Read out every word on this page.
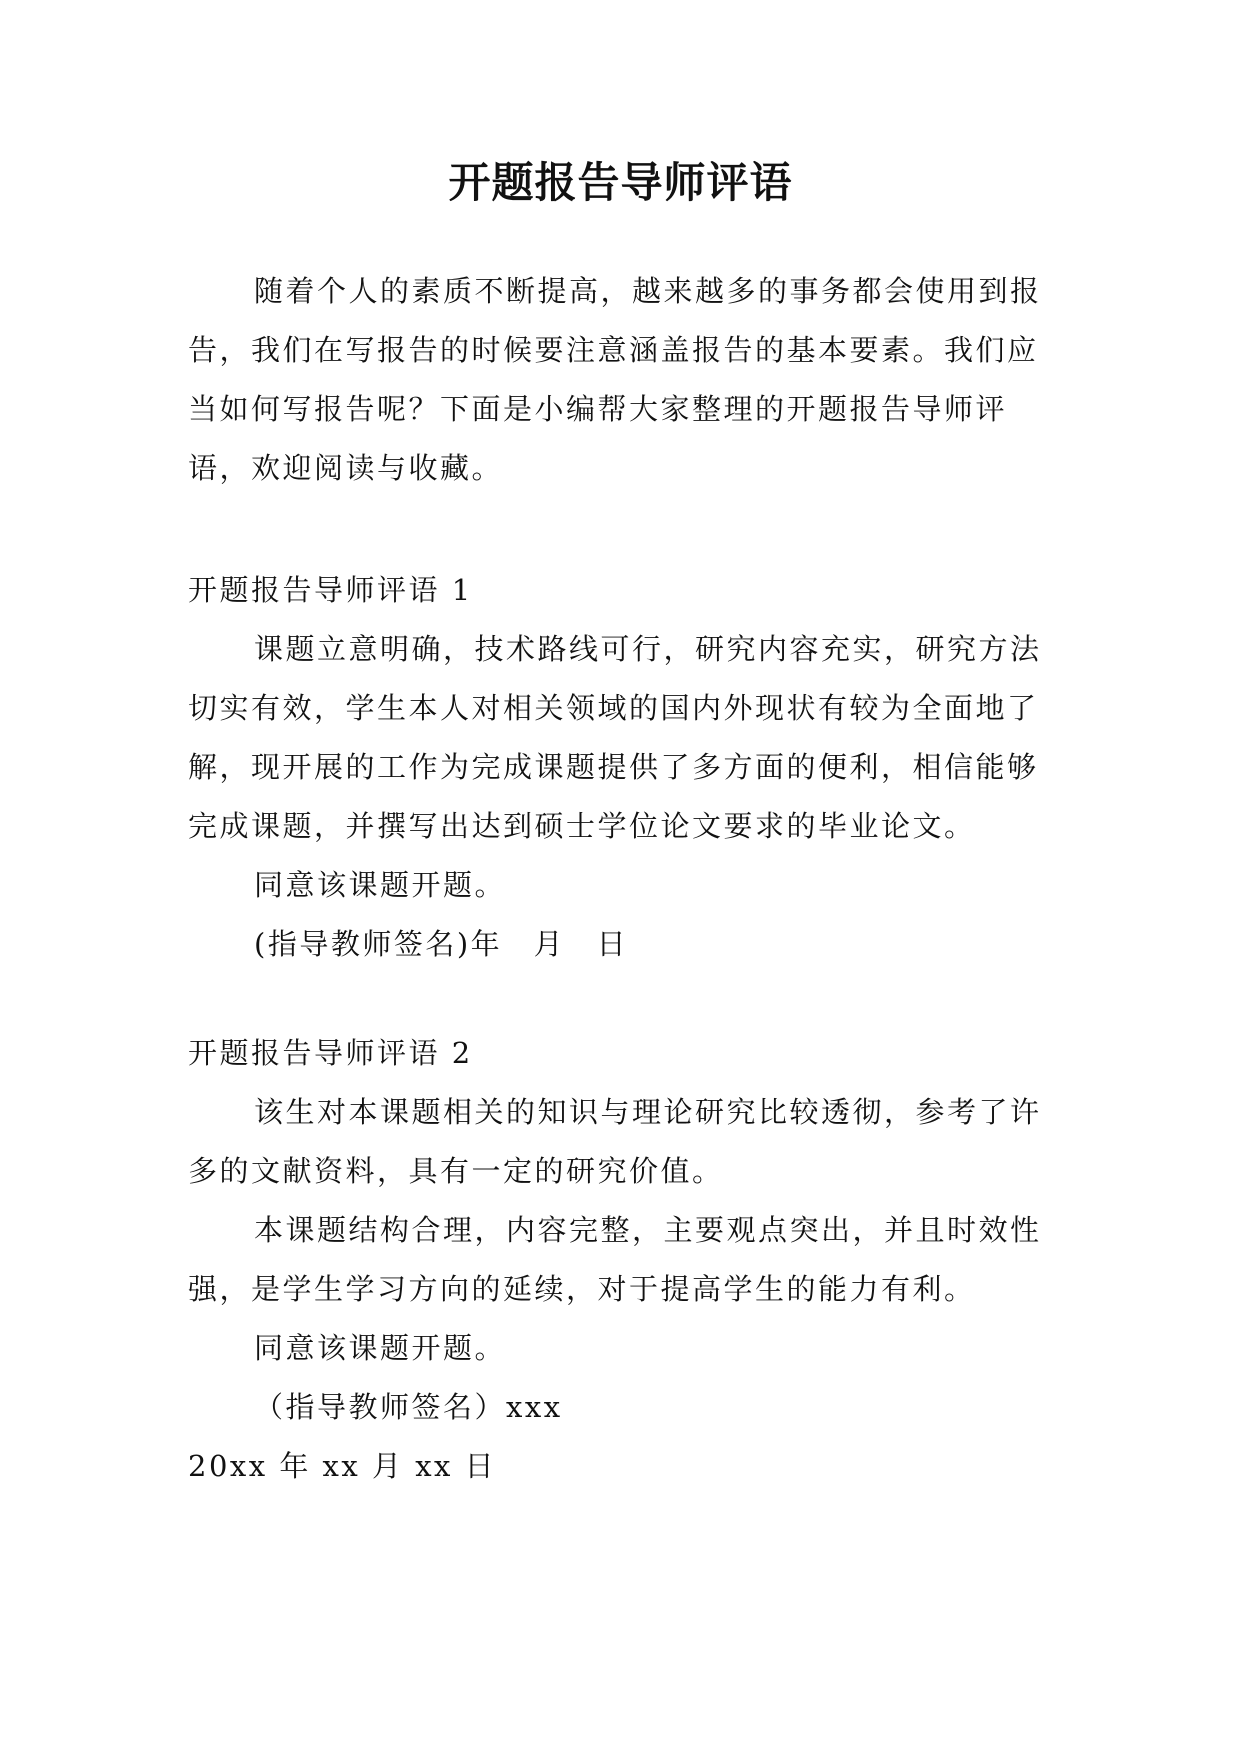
开题报告导师评语

随着个人的素质不断提高，越来越多的事务都会使用到报告，我们在写报告的时候要注意涵盖报告的基本要素。我们应当如何写报告呢？下面是小编帮大家整理的开题报告导师评语，欢迎阅读与收藏。

开题报告导师评语 1

课题立意明确，技术路线可行，研究内容充实，研究方法切实有效，学生本人对相关领域的国内外现状有较为全面地了解，现开展的工作为完成课题提供了多方面的便利，相信能够完成课题，并撰写出达到硕士学位论文要求的毕业论文。

同意该课题开题。

(指导教师签名)年　月　日

开题报告导师评语 2

该生对本课题相关的知识与理论研究比较透彻，参考了许多的文献资料，具有一定的研究价值。

本课题结构合理，内容完整，主要观点突出，并且时效性强，是学生学习方向的延续，对于提高学生的能力有利。

同意该课题开题。

（指导教师签名）xxx

20xx 年 xx 月 xx 日
